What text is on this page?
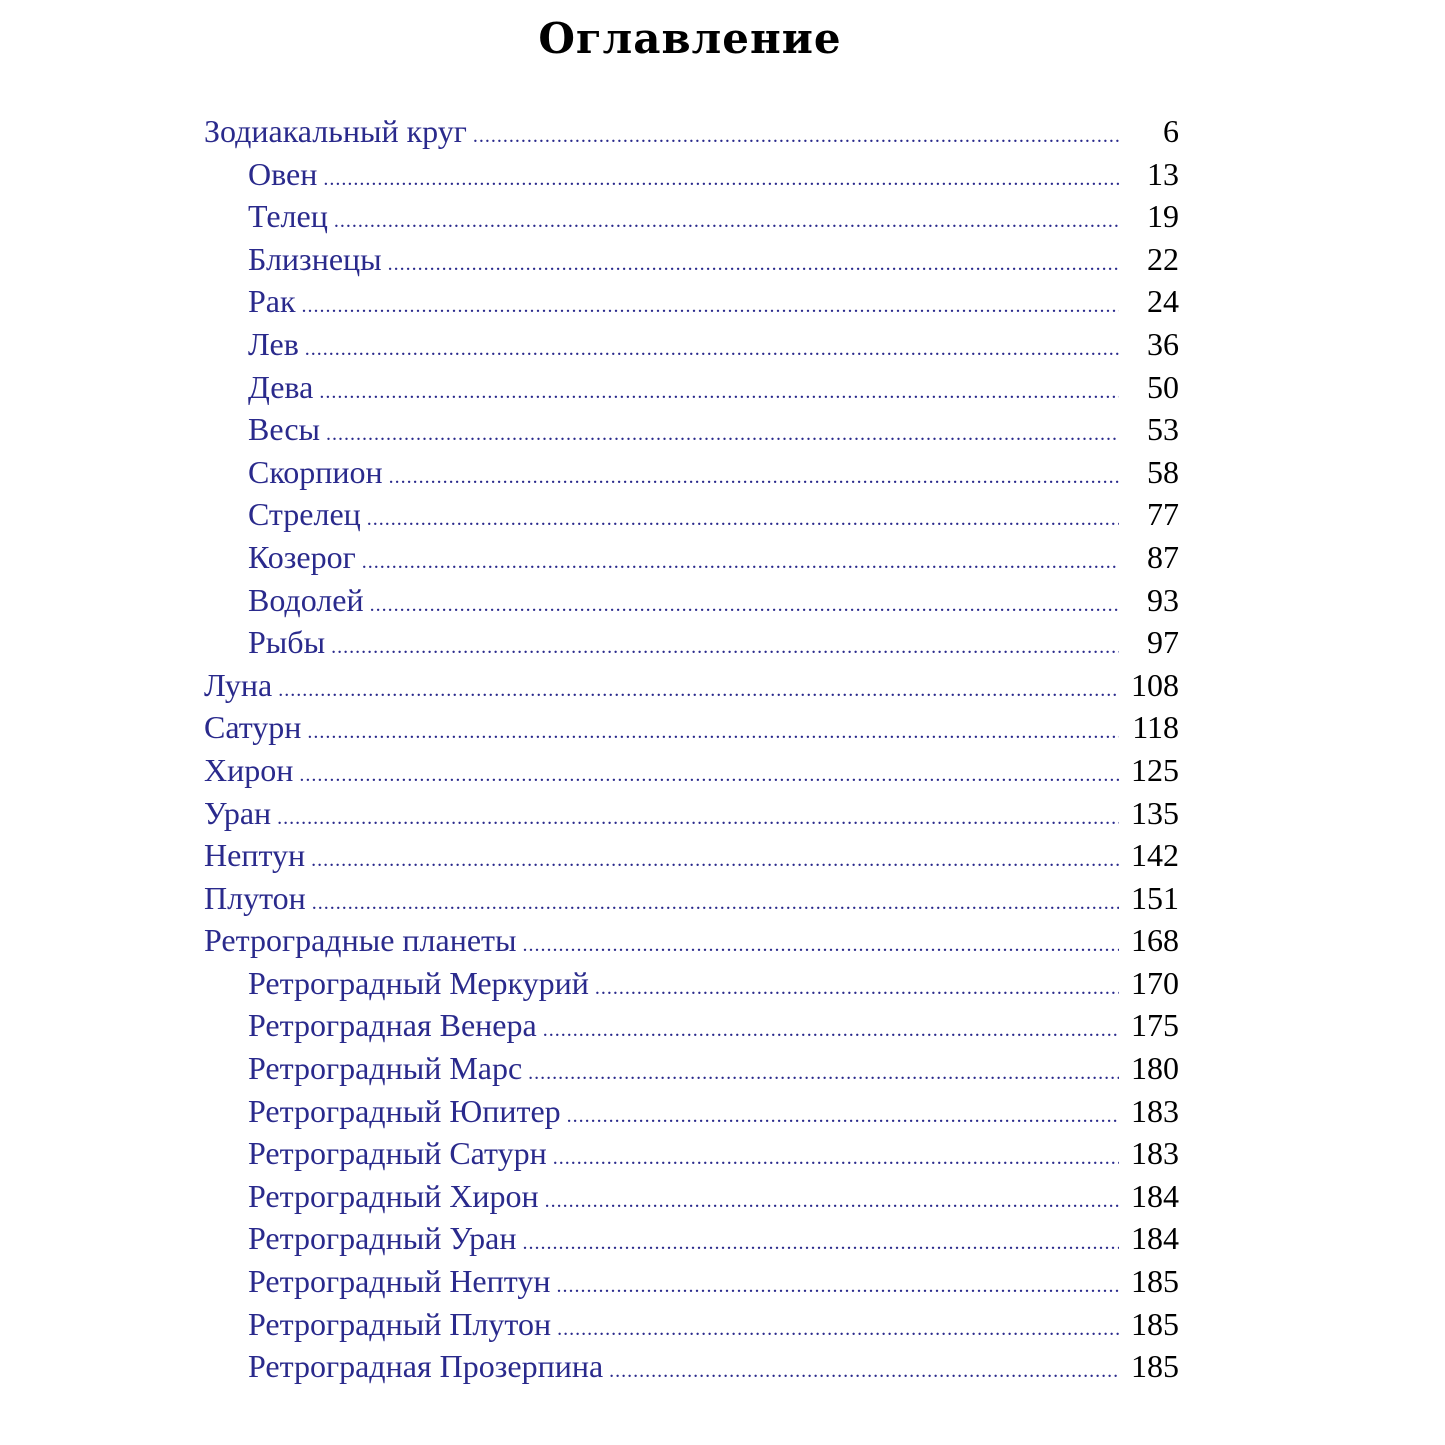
Оглавление
Зодиакальный круг . . .	6
Овен . . .	13
Телец . . .	19
Близнецы . . .	22
Рак . . .	24
Лев . . .	36
Дева . . .	50
Весы . . .	53
Скорпион . . .	58
Стрелец . . .	77
Козерог . . .	87
Водолей . . .	93
Рыбы . . .	97
Луна . . .	108
Сатурн . . .	118
Хирон . . .	125
Уран . . .	135
Нептун . . .	142
Плутон . . .	151
Ретроградные планеты . . .	168
Ретроградный Меркурий . . .	170
Ретроградная Венера . . .	175
Ретроградный Марс . . .	180
Ретроградный Юпитер . . .	183
Ретроградный Сатурн . . .	183
Ретроградный Хирон . . .	184
Ретроградный Уран . . .	184
Ретроградный Нептун . . .	185
Ретроградный Плутон . . .	185
Ретроградная Прозерпина . . .	185
